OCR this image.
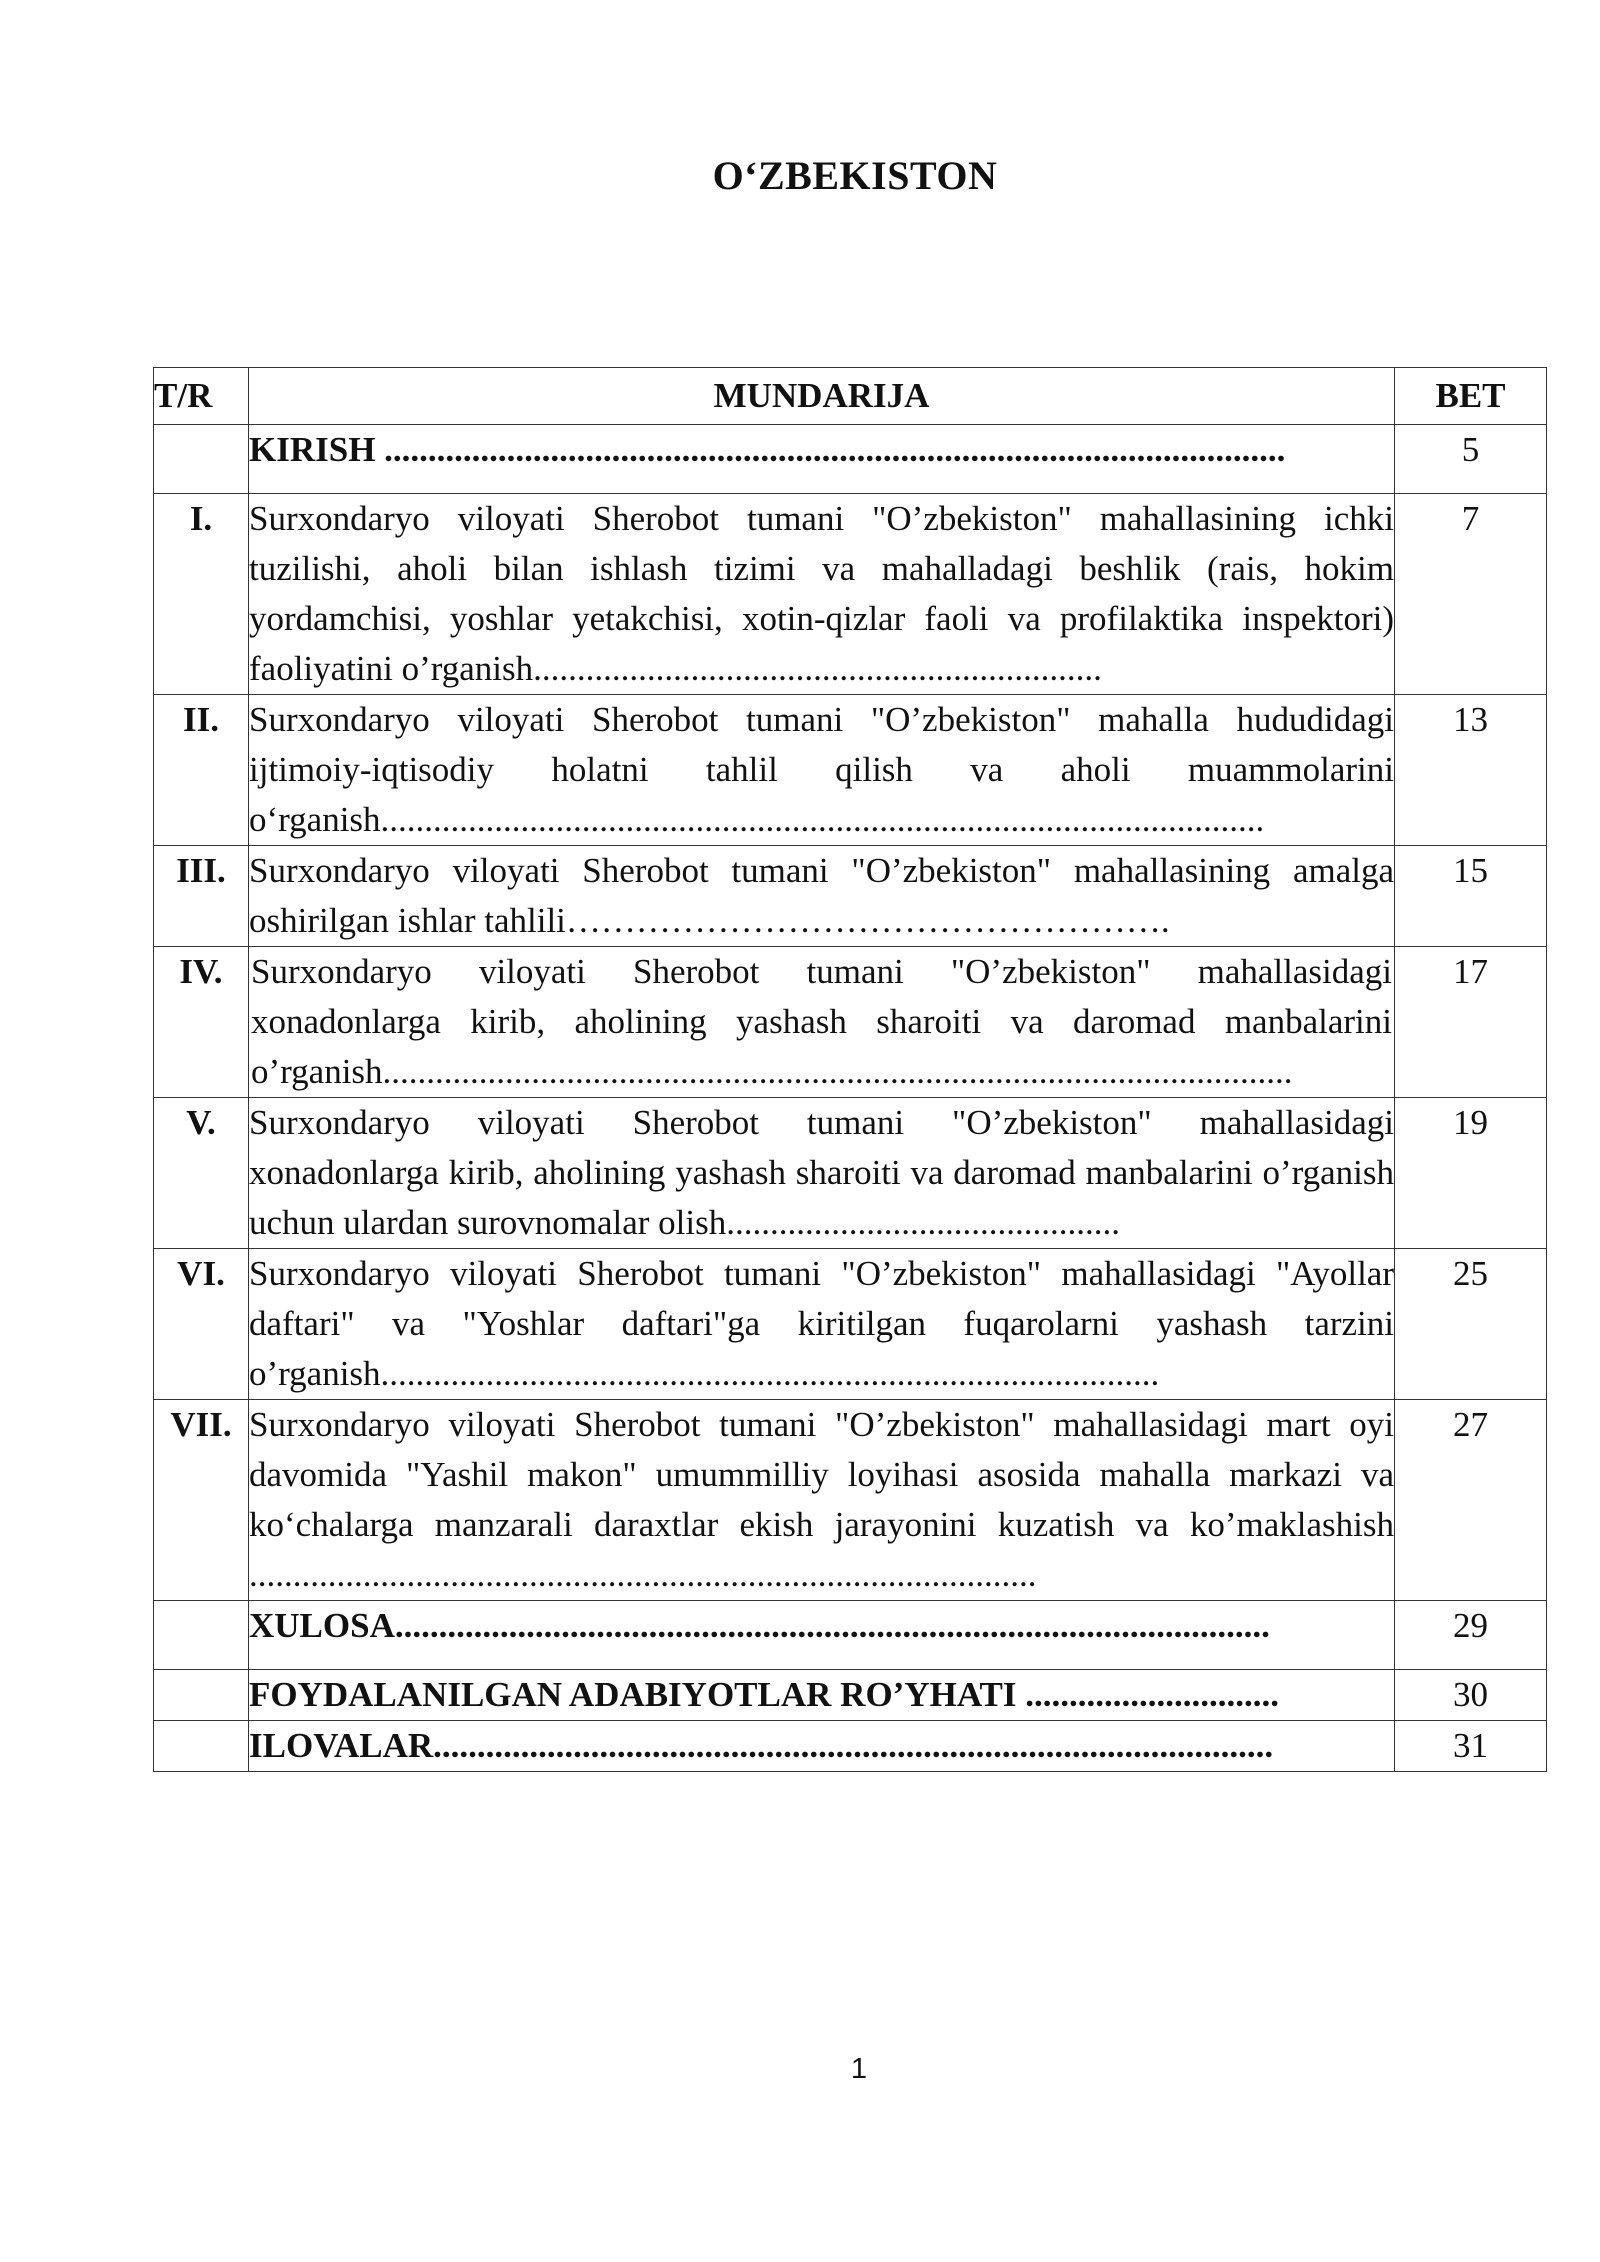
O‘ZBEKISTON
T/R	MUNDARIJA	BET
	KIRISH .......................................................................................................	5
I.	Surxondaryo viloyati Sherobot tumani "O’zbekiston" mahallasining ichki tuzilishi, aholi bilan ishlash tizimi va mahalladagi beshlik (rais, hokim yordamchisi, yoshlar yetakchisi, xotin-qizlar faoli va profilaktika inspektori) faoliyatini o’rganish.................................................................	7
II.	Surxondaryo viloyati Sherobot tumani "O’zbekiston" mahalla hududidagi ijtimoiy-iqtisodiy holatni tahlil qilish va aholi muammolarini o‘rganish.....................................................................................................	13
III.	Surxondaryo viloyati Sherobot tumani "O’zbekiston" mahallasining amalga oshirilgan ishlar tahlili…………………………………………….	15
IV.	Surxondaryo viloyati Sherobot tumani "O’zbekiston" mahallasidagi xonadonlarga kirib, aholining yashash sharoiti va daromad manbalarini o’rganish........................................................................................................	17
V.	Surxondaryo viloyati Sherobot tumani "O’zbekiston" mahallasidagi xonadonlarga kirib, aholining yashash sharoiti va daromad manbalarini o’rganish uchun ulardan surovnomalar olish.............................................	19
VI.	Surxondaryo viloyati Sherobot tumani "O’zbekiston" mahallasidagi "Ayollar daftari" va "Yoshlar daftari"ga kiritilgan fuqarolarni yashash tarzini o’rganish.........................................................................................	25
VII.	Surxondaryo viloyati Sherobot tumani "O’zbekiston" mahallasidagi mart oyi davomida "Yashil makon" umummilliy loyihasi asosida mahalla markazi va ko‘chalarga manzarali daraxtlar ekish jarayonini kuzatish va ko’maklashish ..........................................................................................	27
	XULOSA....................................................................................................	29
	FOYDALANILGAN ADABIYOTLAR RO’YHATI .............................	30
	ILOVALAR................................................................................................	31
1
